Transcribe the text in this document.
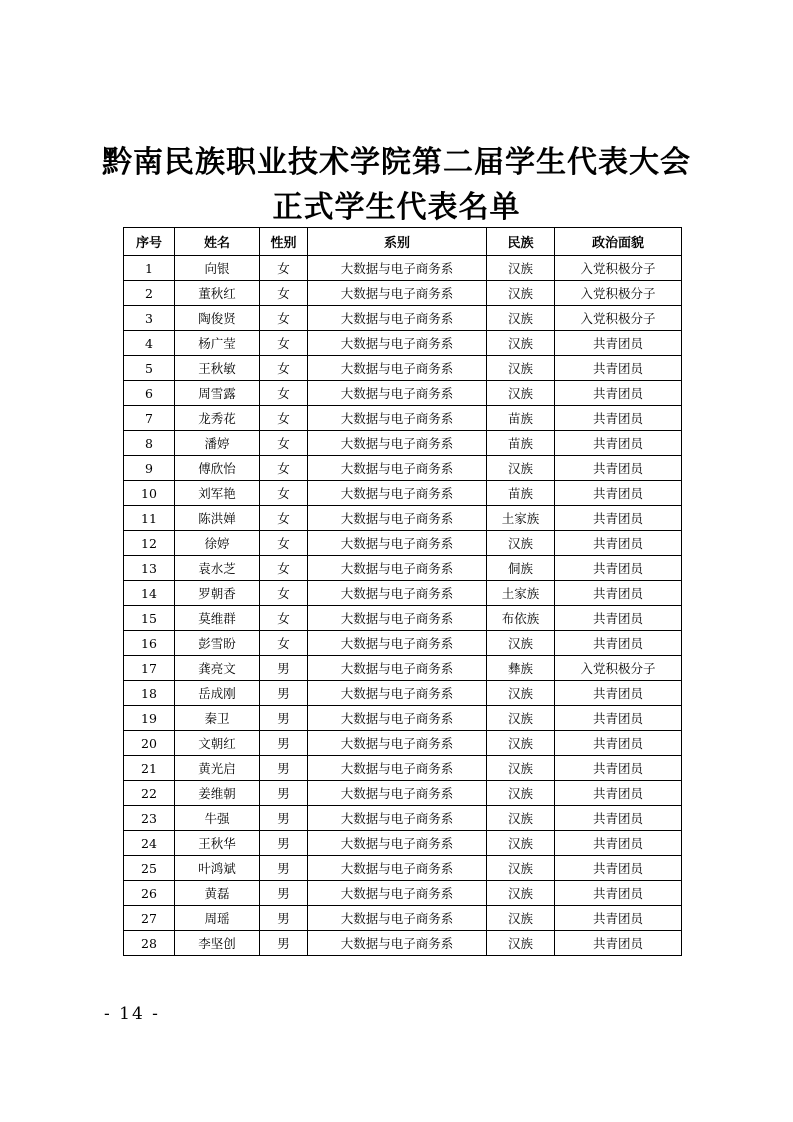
黔南民族职业技术学院第二届学生代表大会
正式学生代表名单
序号	姓名	性别	系别	民族	政治面貌
1	向银	女	大数据与电子商务系	汉族	入党积极分子
2	董秋红	女	大数据与电子商务系	汉族	入党积极分子
3	陶俊贤	女	大数据与电子商务系	汉族	入党积极分子
4	杨广莹	女	大数据与电子商务系	汉族	共青团员
5	王秋敏	女	大数据与电子商务系	汉族	共青团员
6	周雪露	女	大数据与电子商务系	汉族	共青团员
7	龙秀花	女	大数据与电子商务系	苗族	共青团员
8	潘婷	女	大数据与电子商务系	苗族	共青团员
9	傅欣怡	女	大数据与电子商务系	汉族	共青团员
10	刘军艳	女	大数据与电子商务系	苗族	共青团员
11	陈洪婵	女	大数据与电子商务系	土家族	共青团员
12	徐婷	女	大数据与电子商务系	汉族	共青团员
13	袁水芝	女	大数据与电子商务系	侗族	共青团员
14	罗朝香	女	大数据与电子商务系	土家族	共青团员
15	莫维群	女	大数据与电子商务系	布依族	共青团员
16	彭雪盼	女	大数据与电子商务系	汉族	共青团员
17	龚亮文	男	大数据与电子商务系	彝族	入党积极分子
18	岳成刚	男	大数据与电子商务系	汉族	共青团员
19	秦卫	男	大数据与电子商务系	汉族	共青团员
20	文朝红	男	大数据与电子商务系	汉族	共青团员
21	黄光启	男	大数据与电子商务系	汉族	共青团员
22	姜维朝	男	大数据与电子商务系	汉族	共青团员
23	牛强	男	大数据与电子商务系	汉族	共青团员
24	王秋华	男	大数据与电子商务系	汉族	共青团员
25	叶鸿斌	男	大数据与电子商务系	汉族	共青团员
26	黄磊	男	大数据与电子商务系	汉族	共青团员
27	周瑶	男	大数据与电子商务系	汉族	共青团员
28	李坚创	男	大数据与电子商务系	汉族	共青团员
- 14 -
